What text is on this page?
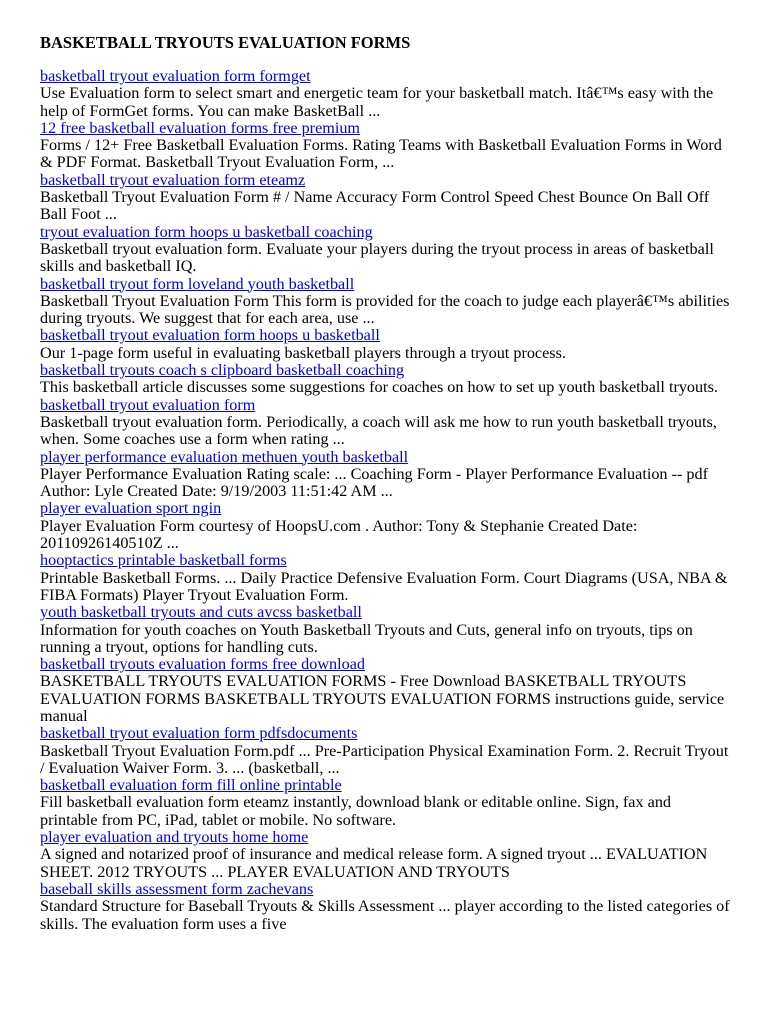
BASKETBALL TRYOUTS EVALUATION FORMS
basketball tryout evaluation form formget

Use Evaluation form to select smart and energetic team for your basketball match. Itâ€™s easy with the help of FormGet forms. You can make BasketBall ...

12 free basketball evaluation forms free premium

Forms / 12+ Free Basketball Evaluation Forms. Rating Teams with Basketball Evaluation Forms in Word & PDF Format. Basketball Tryout Evaluation Form, ...

basketball tryout evaluation form eteamz

Basketball Tryout Evaluation Form # / Name Accuracy Form Control Speed Chest Bounce On Ball Off Ball Foot ...

tryout evaluation form hoops u basketball coaching

Basketball tryout evaluation form. Evaluate your players during the tryout process in areas of basketball skills and basketball IQ.

basketball tryout form loveland youth basketball

Basketball Tryout Evaluation Form This form is provided for the coach to judge each playerâ€™s abilities during tryouts. We suggest that for each area, use ...

basketball tryout evaluation form hoops u basketball

Our 1-page form useful in evaluating basketball players through a tryout process.

basketball tryouts coach s clipboard basketball coaching

This basketball article discusses some suggestions for coaches on how to set up youth basketball tryouts.

basketball tryout evaluation form

Basketball tryout evaluation form. Periodically, a coach will ask me how to run youth basketball tryouts, when. Some coaches use a form when rating ...

player performance evaluation methuen youth basketball

Player Performance Evaluation Rating scale: ... Coaching Form - Player Performance Evaluation -- pdf Author: Lyle Created Date: 9/19/2003 11:51:42 AM ...

player evaluation sport ngin

Player Evaluation Form courtesy of HoopsU.com . Author: Tony & Stephanie Created Date: 20110926140510Z ...

hooptactics printable basketball forms

Printable Basketball Forms. ... Daily Practice Defensive Evaluation Form. Court Diagrams (USA, NBA & FIBA Formats) Player Tryout Evaluation Form.

youth basketball tryouts and cuts avcss basketball

Information for youth coaches on Youth Basketball Tryouts and Cuts, general info on tryouts, tips on running a tryout, options for handling cuts.

basketball tryouts evaluation forms free download

BASKETBALL TRYOUTS EVALUATION FORMS - Free Download BASKETBALL TRYOUTS EVALUATION FORMS BASKETBALL TRYOUTS EVALUATION FORMS instructions guide, service manual

basketball tryout evaluation form pdfsdocuments

Basketball Tryout Evaluation Form.pdf ... Pre-Participation Physical Examination Form. 2. Recruit Tryout / Evaluation Waiver Form. 3. ... (basketball, ...

basketball evaluation form fill online printable

Fill basketball evaluation form eteamz instantly, download blank or editable online. Sign, fax and printable from PC, iPad, tablet or mobile. No software.

player evaluation and tryouts home home

A signed and notarized proof of insurance and medical release form. A signed tryout ... EVALUATION SHEET. 2012 TRYOUTS ... PLAYER EVALUATION AND TRYOUTS

baseball skills assessment form zachevans

Standard Structure for Baseball Tryouts & Skills Assessment ... player according to the listed categories of skills. The evaluation form uses a five
